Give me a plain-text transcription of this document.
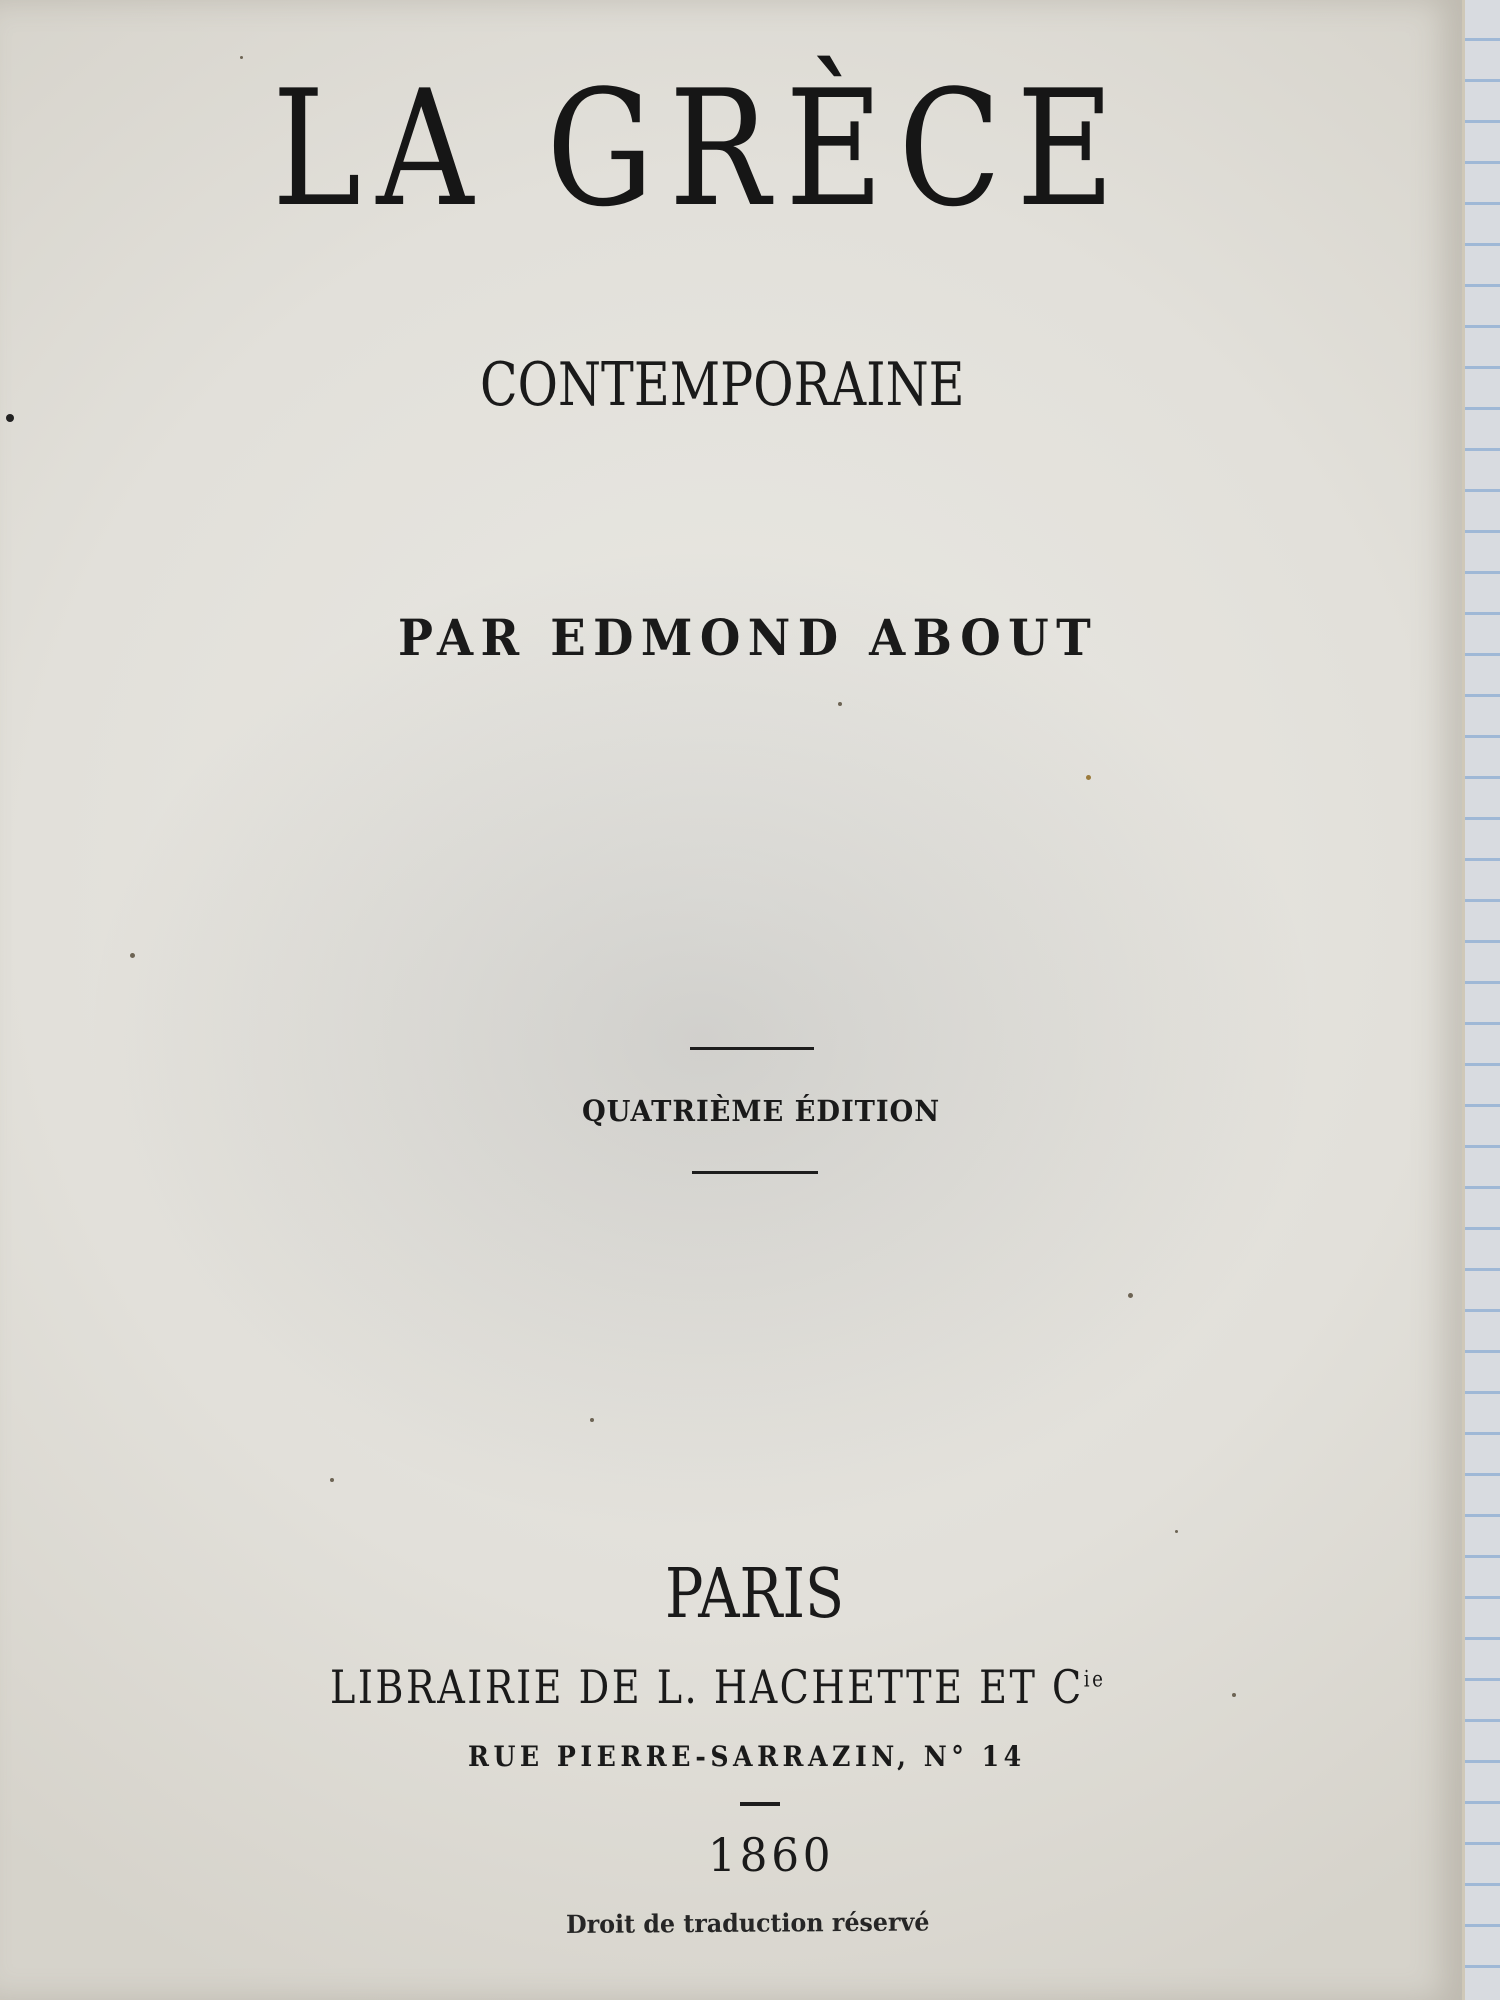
LA GRÈCE
CONTEMPORAINE
PAR EDMOND ABOUT
QUATRIÈME ÉDITION
PARIS
LIBRAIRIE DE L. HACHETTE ET $C^{ie}$
RUE PIERRE-SARRAZIN, N° 14
1860
Droit de traduction réservé
